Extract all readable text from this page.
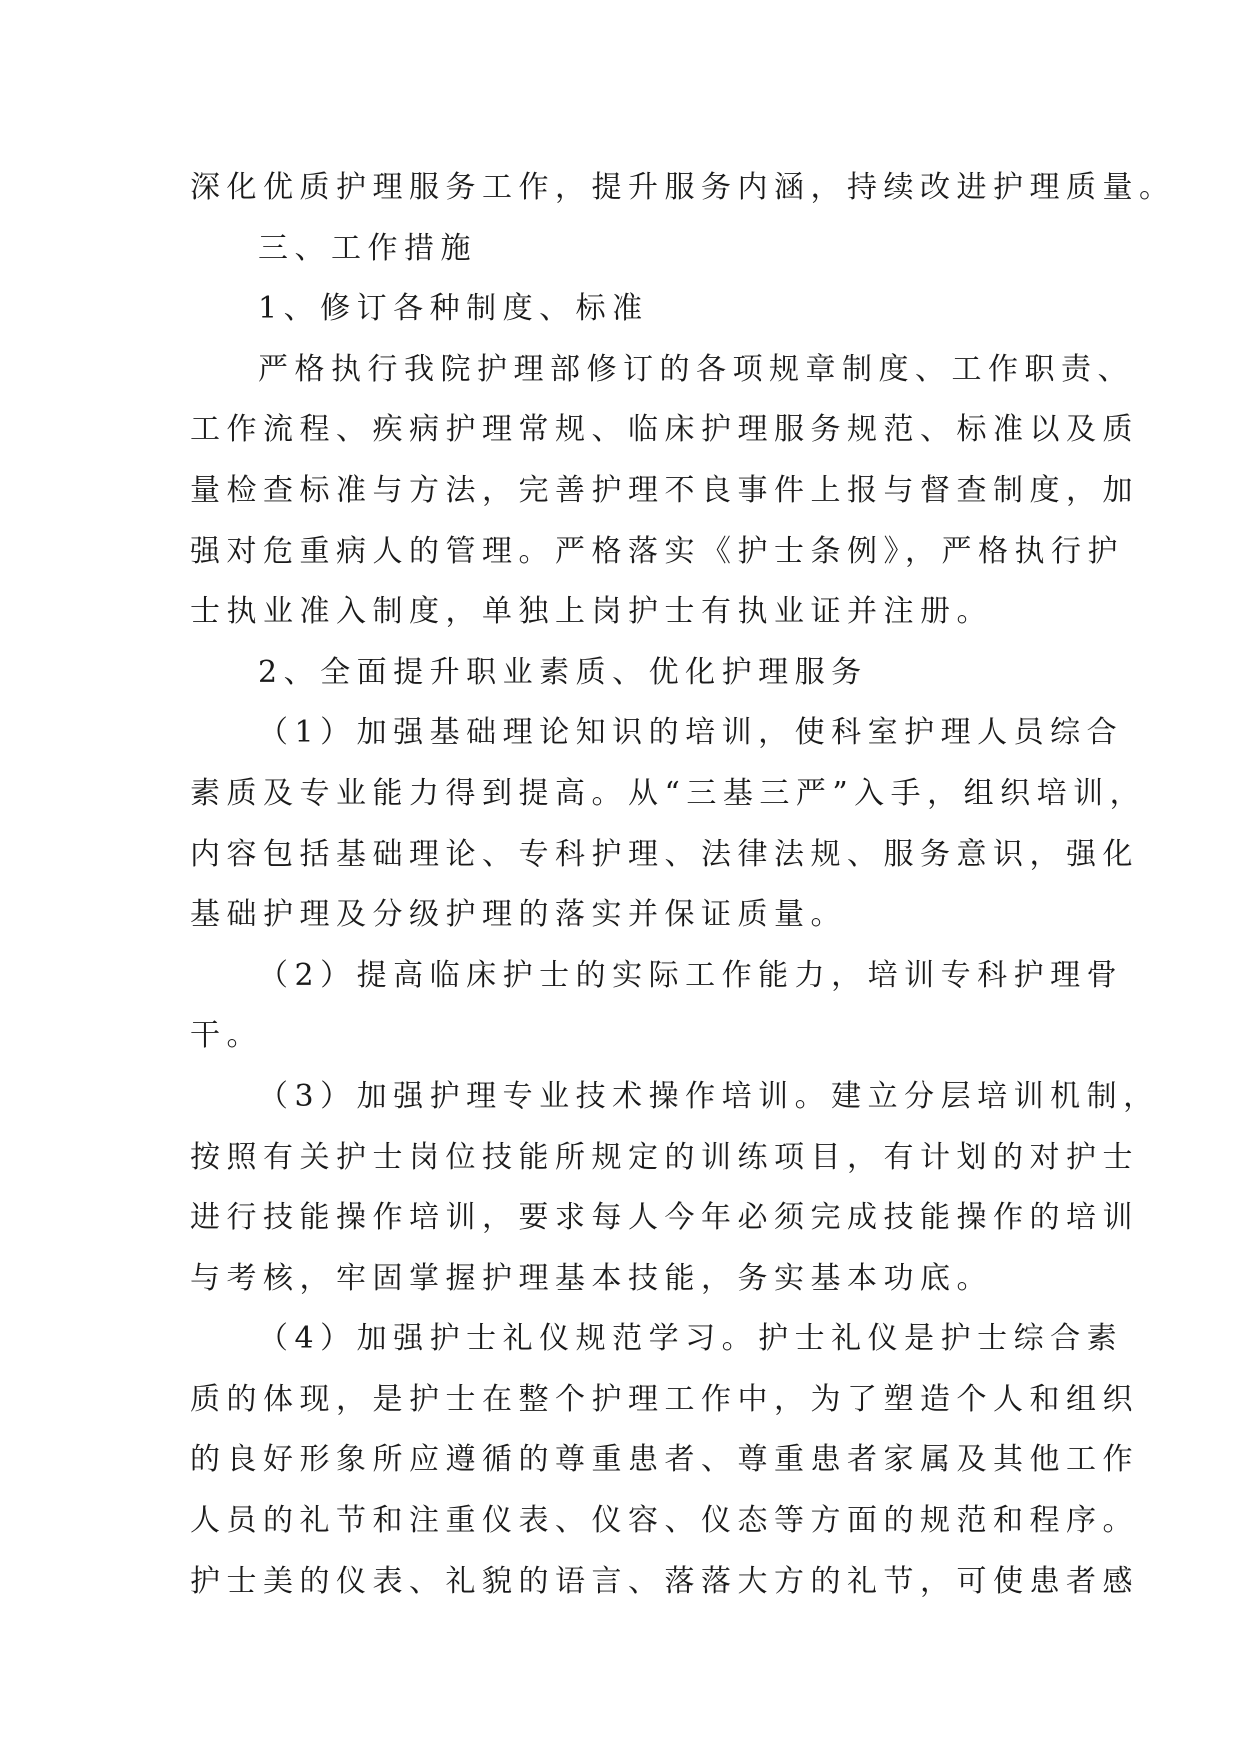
深化优质护理服务工作，提升服务内涵，持续改进护理质量。
三、工作措施
1、修订各种制度、标准
严格执行我院护理部修订的各项规章制度、工作职责、
工作流程、疾病护理常规、临床护理服务规范、标准以及质
量检查标准与方法，完善护理不良事件上报与督查制度，加
强对危重病人的管理。严格落实《护士条例》，严格执行护
士执业准入制度，单独上岗护士有执业证并注册。
2、全面提升职业素质、优化护理服务
（1）加强基础理论知识的培训，使科室护理人员综合
素质及专业能力得到提高。从“三基三严”入手，组织培训，
内容包括基础理论、专科护理、法律法规、服务意识，强化
基础护理及分级护理的落实并保证质量。
（2）提高临床护士的实际工作能力，培训专科护理骨
干。
（3）加强护理专业技术操作培训。建立分层培训机制，
按照有关护士岗位技能所规定的训练项目，有计划的对护士
进行技能操作培训，要求每人今年必须完成技能操作的培训
与考核，牢固掌握护理基本技能，务实基本功底。
（4）加强护士礼仪规范学习。护士礼仪是护士综合素
质的体现，是护士在整个护理工作中，为了塑造个人和组织
的良好形象所应遵循的尊重患者、尊重患者家属及其他工作
人员的礼节和注重仪表、仪容、仪态等方面的规范和程序。
护士美的仪表、礼貌的语言、落落大方的礼节，可使患者感
